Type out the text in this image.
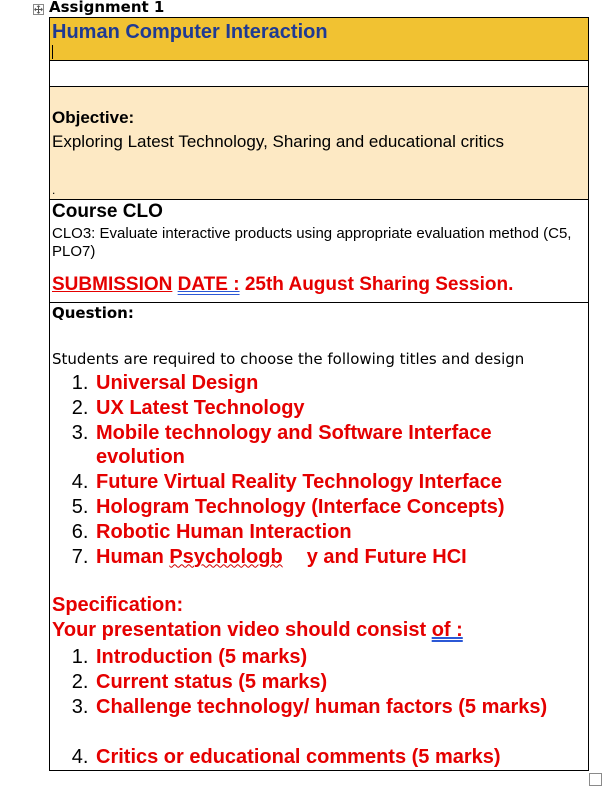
Assignment 1
Human Computer Interaction

Objective:
Exploring Latest Technology, Sharing and educational critics
.

Course CLO
CLO3: Evaluate interactive products using appropriate evaluation method (C5, PLO7)
SUBMISSION DATE : 25th August Sharing Session.

Question:
Students are required to choose the following titles and design
1. Universal Design
2. UX Latest Technology
3. Mobile technology and Software Interface evolution
4. Future Virtual Reality Technology Interface
5. Hologram Technology (Interface Concepts)
6. Robotic Human Interaction
7. Human Psychologb y and Future HCI
Specification:
Your presentation video should consist of :
1. Introduction (5 marks)
2. Current status (5 marks)
3. Challenge technology/ human factors (5 marks)
4. Critics or educational comments (5 marks)
